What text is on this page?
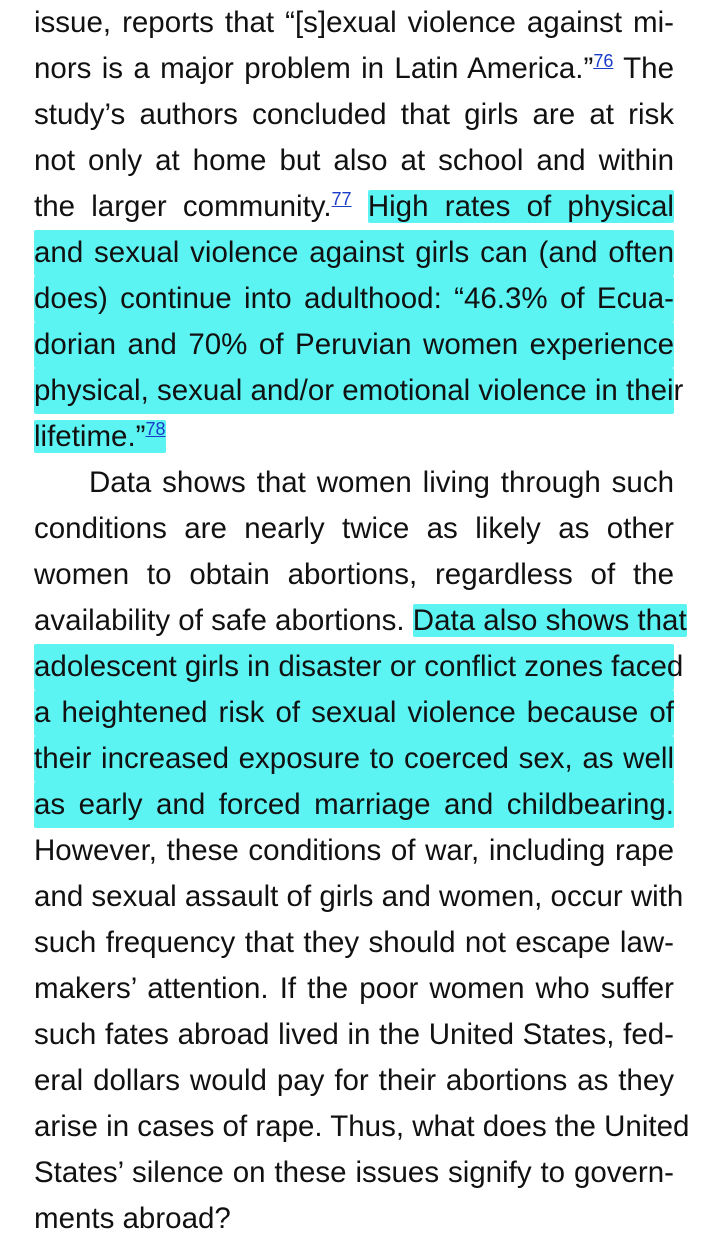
issue, reports that “[s]exual violence against mi-
nors is a major problem in Latin America.”$^{76}$ The
study’s authors concluded that girls are at risk
not only at home but also at school and within
the larger community.$^{77}$ High rates of physical
and sexual violence against girls can (and often
does) continue into adulthood: “46.3% of Ecua-
dorian and 70% of Peruvian women experience
physical, sexual and/or emotional violence in their
lifetime.”$^{78}$
Data shows that women living through such
conditions are nearly twice as likely as other
women to obtain abortions, regardless of the
availability of safe abortions. Data also shows that
adolescent girls in disaster or conflict zones faced
a heightened risk of sexual violence because of
their increased exposure to coerced sex, as well
as early and forced marriage and childbearing.
However, these conditions of war, including rape
and sexual assault of girls and women, occur with
such frequency that they should not escape law-
makers’ attention. If the poor women who suffer
such fates abroad lived in the United States, fed-
eral dollars would pay for their abortions as they
arise in cases of rape. Thus, what does the United
States’ silence on these issues signify to govern-
ments abroad?
